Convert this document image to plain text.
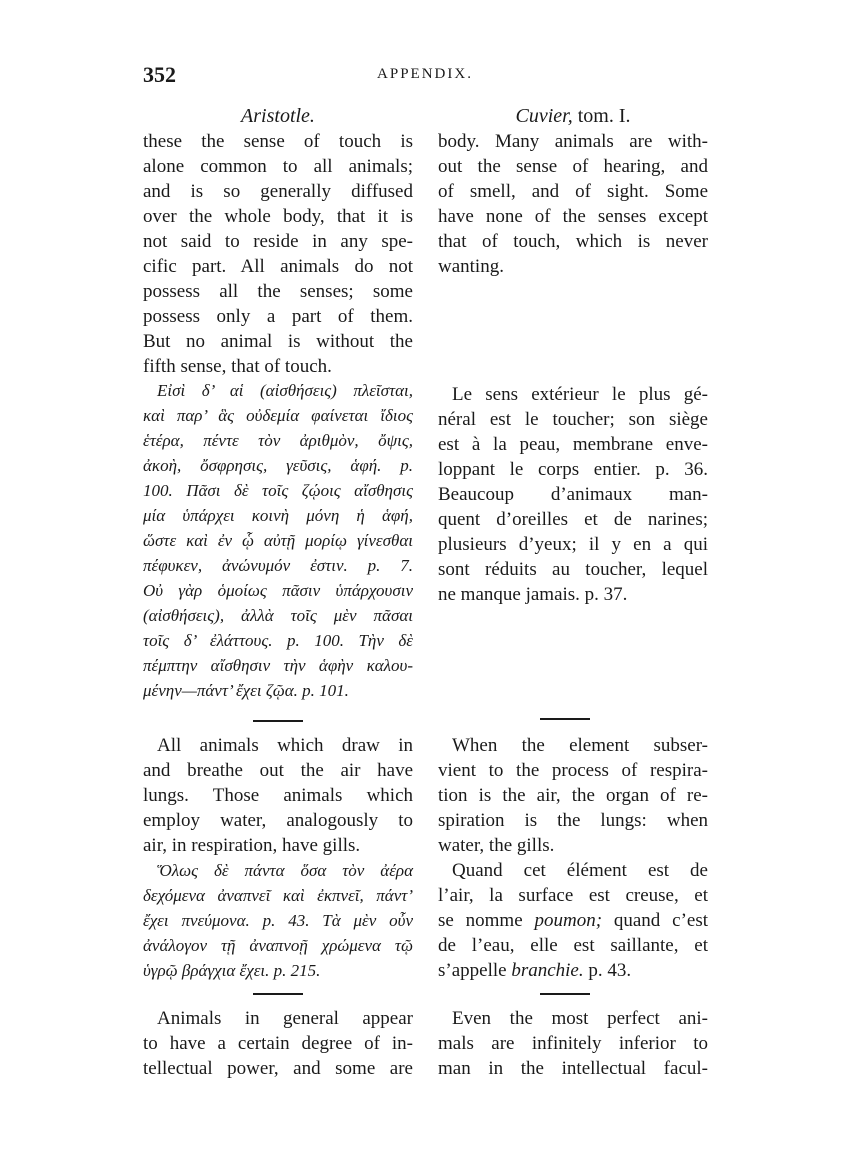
352	APPENDIX.
Aristotle.
these the sense of touch is
alone common to all animals;
and is so generally diffused
over the whole body, that it is
not said to reside in any spe-
cific part. All animals do not
possess all the senses; some
possess only a part of them.
But no animal is without the
fifth sense, that of touch.
Εἰσὶ δ’ αἱ (αἰσθήσεις) πλεῖσται,
καὶ παρ’ ἃς οὐδεμία φαίνεται ἴδιος
ἑτέρα, πέντε τὸν ἀριθμὸν, ὄψις,
ἀκοὴ, ὄσφρησις, γεῦσις, ἁφή. p.
100. Πᾶσι δὲ τοῖς ζῴοις αἴσθησις
μία ὑπάρχει κοινὴ μόνη ἡ ἁφή,
ὥστε καὶ ἐν ᾧ αὐτῇ μορίῳ γίνεσθαι
πέφυκεν, ἀνώνυμόν ἐστιν. p. 7.
Οὐ γὰρ ὁμοίως πᾶσιν ὑπάρχουσιν
(αἰσθήσεις), ἀλλὰ τοῖς μὲν πᾶσαι
τοῖς δ’ ἐλάττους. p. 100. Τὴν δὲ
πέμπτην αἴσθησιν τὴν ἁφὴν καλου-
μένην—πάντ’ ἔχει ζῷα. p. 101.
All animals which draw in
and breathe out the air have
lungs. Those animals which
employ water, analogously to
air, in respiration, have gills.
Ὅλως δὲ πάντα ὅσα τὸν ἀέρα
δεχόμενα ἀναπνεῖ καὶ ἐκπνεῖ, πάντ’
ἔχει πνεύμονα. p. 43. Τὰ μὲν οὖν
ἀνάλογον τῇ ἀναπνοῇ χρώμενα τῷ
ὑγρῷ βράγχια ἔχει. p. 215.
Animals in general appear
to have a certain degree of in-
tellectual power, and some are
Cuvier, tom. I.
body. Many animals are with-
out the sense of hearing, and
of smell, and of sight. Some
have none of the senses except
that of touch, which is never
wanting.
Le sens extérieur le plus gé-
néral est le toucher; son siège
est à la peau, membrane enve-
loppant le corps entier. p. 36.
Beaucoup d’animaux man-
quent d’oreilles et de narines;
plusieurs d’yeux; il y en a qui
sont réduits au toucher, lequel
ne manque jamais. p. 37.
When the element subser-
vient to the process of respira-
tion is the air, the organ of re-
spiration is the lungs: when
water, the gills.
Quand cet élément est de
l’air, la surface est creuse, et
se nomme poumon; quand c’est
de l’eau, elle est saillante, et
s’appelle branchie. p. 43.
Even the most perfect ani-
mals are infinitely inferior to
man in the intellectual facul-
